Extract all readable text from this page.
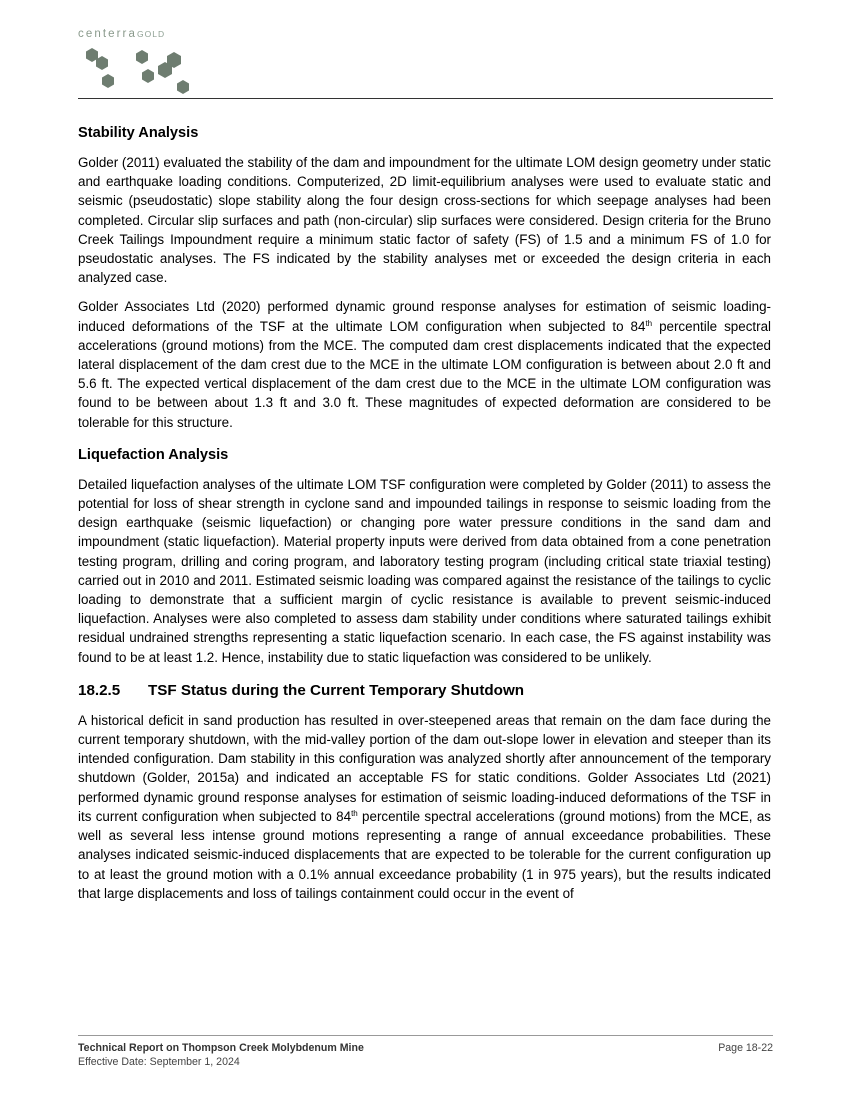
centerraGOLD
Stability Analysis

Golder (2011) evaluated the stability of the dam and impoundment for the ultimate LOM design geometry under static and earthquake loading conditions. Computerized, 2D limit-equilibrium analyses were used to evaluate static and seismic (pseudostatic) slope stability along the four design cross-sections for which seepage analyses had been completed. Circular slip surfaces and path (non-circular) slip surfaces were considered. Design criteria for the Bruno Creek Tailings Impoundment require a minimum static factor of safety (FS) of 1.5 and a minimum FS of 1.0 for pseudostatic analyses. The FS indicated by the stability analyses met or exceeded the design criteria in each analyzed case.

Golder Associates Ltd (2020) performed dynamic ground response analyses for estimation of seismic loading-induced deformations of the TSF at the ultimate LOM configuration when subjected to 84th percentile spectral accelerations (ground motions) from the MCE. The computed dam crest displacements indicated that the expected lateral displacement of the dam crest due to the MCE in the ultimate LOM configuration is between about 2.0 ft and 5.6 ft. The expected vertical displacement of the dam crest due to the MCE in the ultimate LOM configuration was found to be between about 1.3 ft and 3.0 ft. These magnitudes of expected deformation are considered to be tolerable for this structure.

Liquefaction Analysis

Detailed liquefaction analyses of the ultimate LOM TSF configuration were completed by Golder (2011) to assess the potential for loss of shear strength in cyclone sand and impounded tailings in response to seismic loading from the design earthquake (seismic liquefaction) or changing pore water pressure conditions in the sand dam and impoundment (static liquefaction). Material property inputs were derived from data obtained from a cone penetration testing program, drilling and coring program, and laboratory testing program (including critical state triaxial testing) carried out in 2010 and 2011. Estimated seismic loading was compared against the resistance of the tailings to cyclic loading to demonstrate that a sufficient margin of cyclic resistance is available to prevent seismic-induced liquefaction. Analyses were also completed to assess dam stability under conditions where saturated tailings exhibit residual undrained strengths representing a static liquefaction scenario. In each case, the FS against instability was found to be at least 1.2. Hence, instability due to static liquefaction was considered to be unlikely.

18.2.5 TSF Status during the Current Temporary Shutdown

A historical deficit in sand production has resulted in over-steepened areas that remain on the dam face during the current temporary shutdown, with the mid-valley portion of the dam out-slope lower in elevation and steeper than its intended configuration. Dam stability in this configuration was analyzed shortly after announcement of the temporary shutdown (Golder, 2015a) and indicated an acceptable FS for static conditions. Golder Associates Ltd (2021) performed dynamic ground response analyses for estimation of seismic loading-induced deformations of the TSF in its current configuration when subjected to 84th percentile spectral accelerations (ground motions) from the MCE, as well as several less intense ground motions representing a range of annual exceedance probabilities. These analyses indicated seismic-induced displacements that are expected to be tolerable for the current configuration up to at least the ground motion with a 0.1% annual exceedance probability (1 in 975 years), but the results indicated that large displacements and loss of tailings containment could occur in the event of

Technical Report on Thompson Creek Molybdenum Mine
Effective Date: September 1, 2024
Page 18-22
